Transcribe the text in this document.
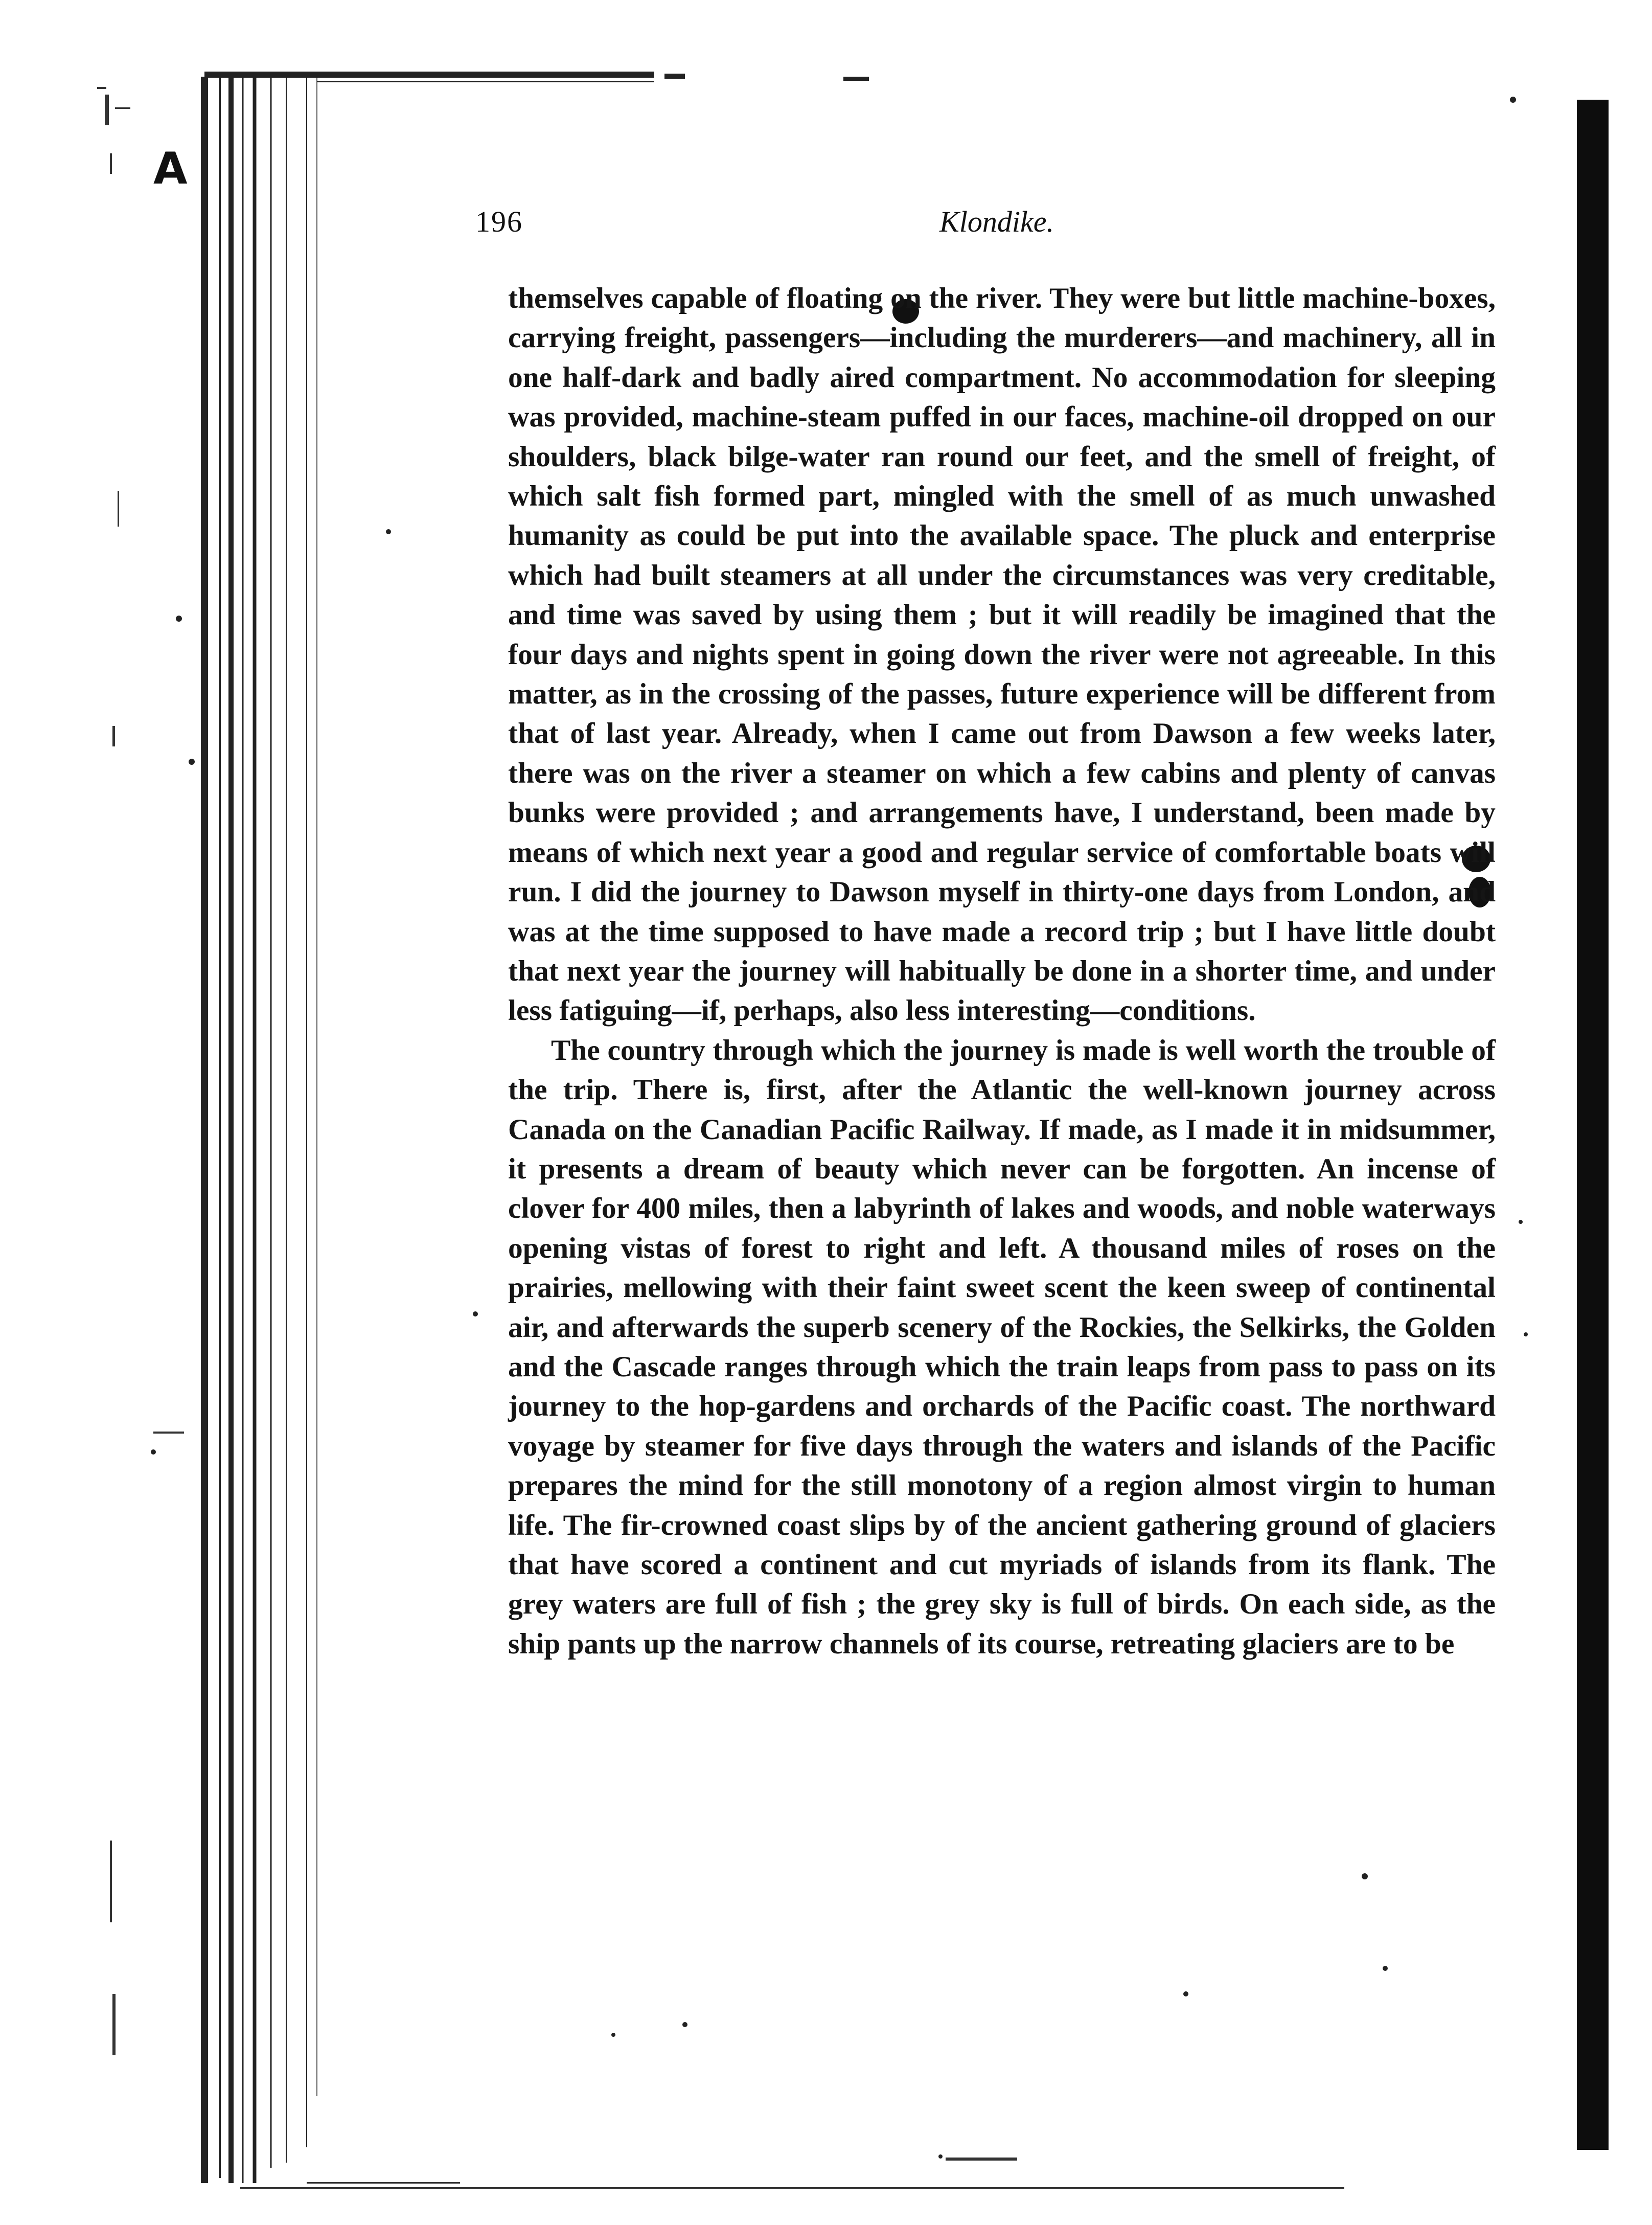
A
Klondike.
196

themselves capable of floating on the river. They were but little machine-boxes, carrying freight, passengers—including the murderers—and machinery, all in one half-dark and badly aired compartment. No accommodation for sleeping was provided, machine-steam puffed in our faces, machine-oil dropped on our shoulders, black bilge-water ran round our feet, and the smell of freight, of which salt fish formed part, mingled with the smell of as much unwashed humanity as could be put into the available space. The pluck and enterprise which had built steamers at all under the circumstances was very creditable, and time was saved by using them ; but it will readily be imagined that the four days and nights spent in going down the river were not agreeable. In this matter, as in the crossing of the passes, future experience will be different from that of last year. Already, when I came out from Dawson a few weeks later, there was on the river a steamer on which a few cabins and plenty of canvas bunks were provided ; and arrangements have, I understand, been made by means of which next year a good and regular service of comfortable boats will run. I did the journey to Dawson myself in thirty-one days from London, and was at the time supposed to have made a record trip ; but I have little doubt that next year the journey will habitually be done in a shorter time, and under less fatiguing—if, perhaps, also less interesting—conditions.

The country through which the journey is made is well worth the trouble of the trip. There is, first, after the Atlantic the well-known journey across Canada on the Canadian Pacific Railway. If made, as I made it in midsummer, it presents a dream of beauty which never can be forgotten. An incense of clover for 400 miles, then a labyrinth of lakes and woods, and noble waterways opening vistas of forest to right and left. A thousand miles of roses on the prairies, mellowing with their faint sweet scent the keen sweep of continental air, and afterwards the superb scenery of the Rockies, the Selkirks, the Golden and the Cascade ranges through which the train leaps from pass to pass on its journey to the hop-gardens and orchards of the Pacific coast. The northward voyage by steamer for five days through the waters and islands of the Pacific prepares the mind for the still monotony of a region almost virgin to human life. The fir-crowned coast slips by of the ancient gathering ground of glaciers that have scored a continent and cut myriads of islands from its flank. The grey waters are full of fish ; the grey sky is full of birds. On each side, as the ship pants up the narrow channels of its course, retreating glaciers are to be
